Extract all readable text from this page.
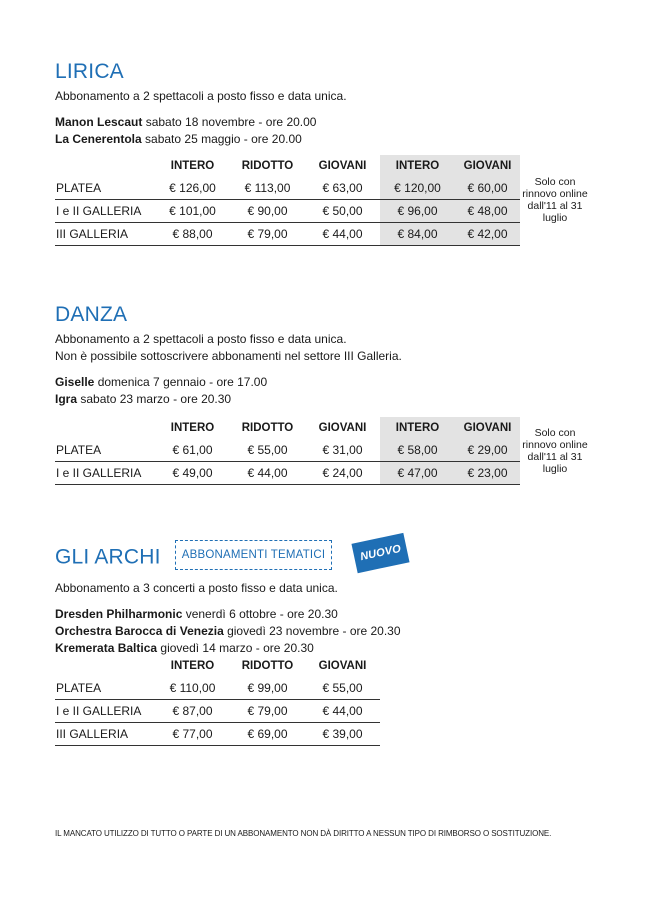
LIRICA
Abbonamento a 2 spettacoli a posto fisso e data unica.
Manon Lescaut sabato 18 novembre - ore 20.00
La Cenerentola sabato 25 maggio - ore 20.00
	INTERO	RIDOTTO	GIOVANI	INTERO	GIOVANI	Solo con rinnovo online dall'11 al 31 luglio
PLATEA	€ 126,00	€ 113,00	€ 63,00	€ 120,00	€ 60,00	
I e II GALLERIA	€ 101,00	€ 90,00	€ 50,00	€ 96,00	€ 48,00	
III GALLERIA	€ 88,00	€ 79,00	€ 44,00	€ 84,00	€ 42,00	
DANZA
Abbonamento a 2 spettacoli a posto fisso e data unica.
Non è possibile sottoscrivere abbonamenti nel settore III Galleria.
Giselle domenica 7 gennaio - ore 17.00
Igra sabato 23 marzo - ore 20.30
	INTERO	RIDOTTO	GIOVANI	INTERO	GIOVANI	Solo con rinnovo online dall'11 al 31 luglio
PLATEA	€ 61,00	€ 55,00	€ 31,00	€ 58,00	€ 29,00	
I e II GALLERIA	€ 49,00	€ 44,00	€ 24,00	€ 47,00	€ 23,00	
GLI ARCHI ABBONAMENTI TEMATICI	NUOVO
Abbonamento a 3 concerti a posto fisso e data unica.
Dresden Philharmonic venerdì 6 ottobre - ore 20.30
Orchestra Barocca di Venezia giovedì 23 novembre - ore 20.30
Kremerata Baltica giovedì 14 marzo - ore 20.30
	INTERO	RIDOTTO	GIOVANI
PLATEA	€ 110,00	€ 99,00	€ 55,00
I e II GALLERIA	€ 87,00	€ 79,00	€ 44,00
III GALLERIA	€ 77,00	€ 69,00	€ 39,00
IL MANCATO UTILIZZO DI TUTTO O PARTE DI UN ABBONAMENTO NON DÀ DIRITTO A NESSUN TIPO DI RIMBORSO O SOSTITUZIONE.
